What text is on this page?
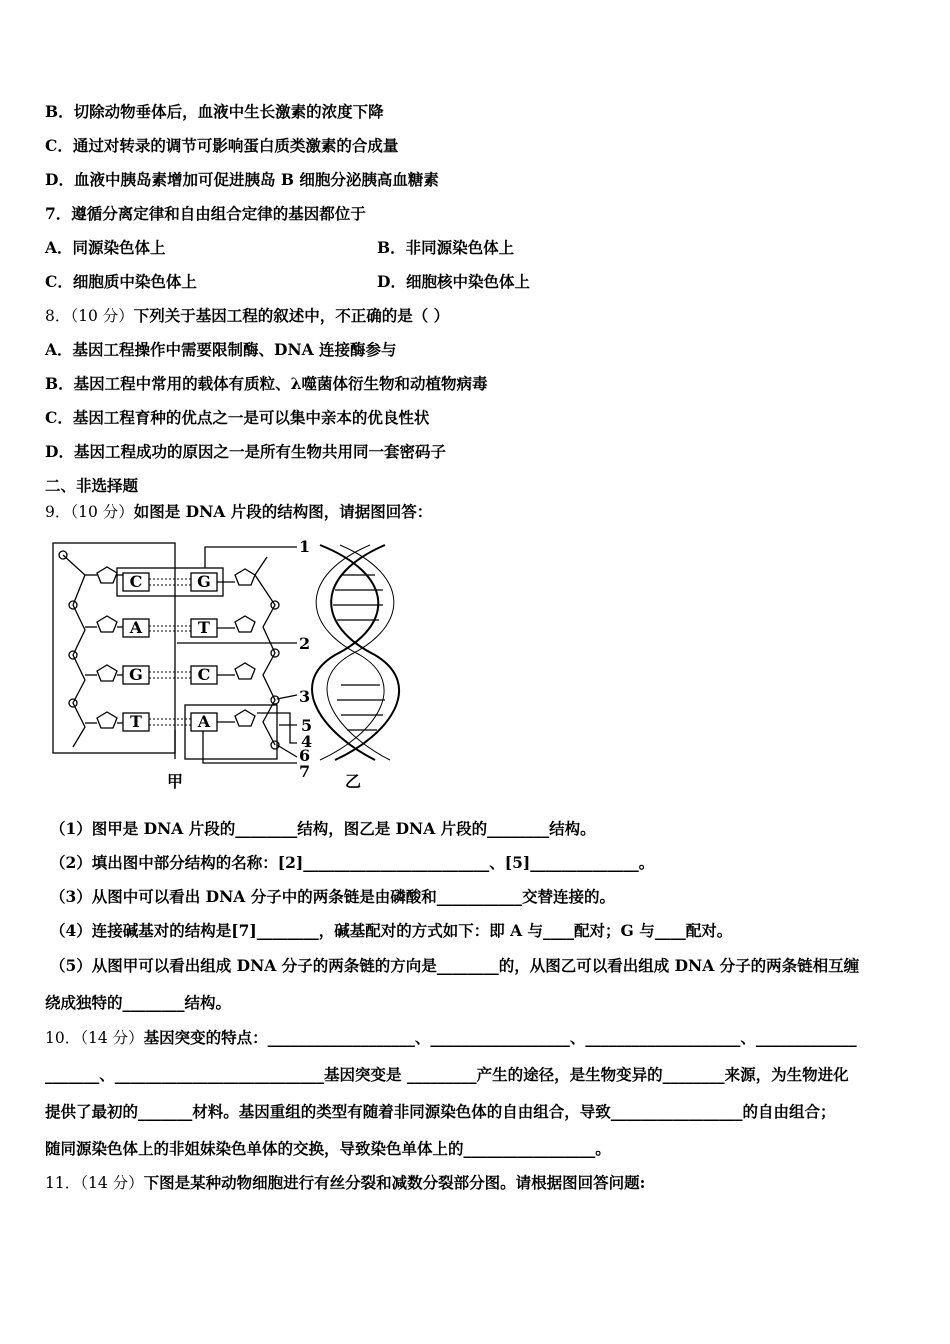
B．切除动物垂体后，血液中生长激素的浓度下降
C．通过对转录的调节可影响蛋白质类激素的合成量
D．血液中胰岛素增加可促进胰岛 B 细胞分泌胰高血糖素
7．遵循分离定律和自由组合定律的基因都位于
A．同源染色体上	B．非同源染色体上
C．细胞质中染色体上	D．细胞核中染色体上
8．（10 分）下列关于基因工程的叙述中，不正确的是（ ）
A．基因工程操作中需要限制酶、DNA 连接酶参与
B．基因工程中常用的载体有质粒、λ噬菌体衍生物和动植物病毒
C．基因工程育种的优点之一是可以集中亲本的优良性状
D．基因工程成功的原因之一是所有生物共用同一套密码子
二、非选择题
9．（10 分）如图是 DNA 片段的结构图，请据图回答：
C
A
G
T
G
T
C
A
1
2
3
5
4
6
7
甲	乙
（1）图甲是 DNA 片段的________结构，图乙是 DNA 片段的________结构。
（2）填出图中部分结构的名称：[2]________________________、[5]______________。
（3）从图中可以看出 DNA 分子中的两条链是由磷酸和___________交替连接的。
（4）连接碱基对的结构是[7]________，碱基配对的方式如下：即 A 与____配对；G 与____配对。
（5）从图甲可以看出组成 DNA 分子的两条链的方向是________的，从图乙可以看出组成 DNA 分子的两条链相互缠
绕成独特的________结构。
10．（14 分）基因突变的特点：___________________、__________________、____________________、_____________
_______、___________________________基因突变是 _________产生的途径，是生物变异的________来源，为生物进化
提供了最初的_______材料。基因重组的类型有随着非同源染色体的自由组合，导致_________________的自由组合；
随同源染色体上的非姐妹染色单体的交换，导致染色单体上的_________________。
11．（14 分）下图是某种动物细胞进行有丝分裂和减数分裂部分图。请根据图回答问题:
